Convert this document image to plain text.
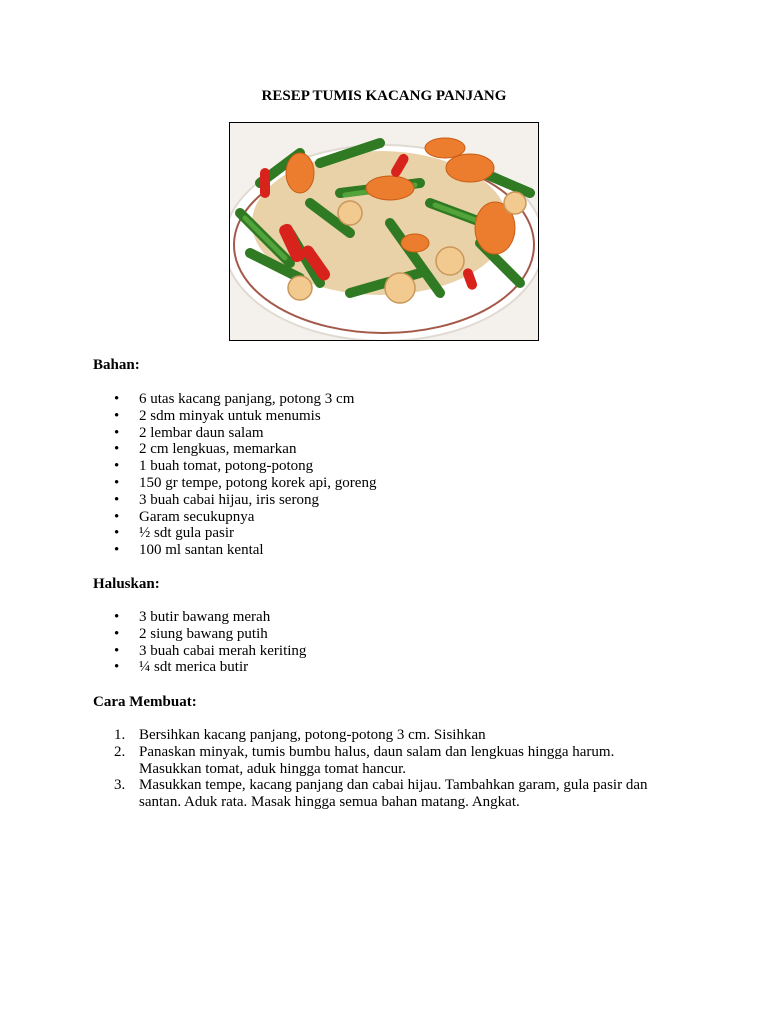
RESEP TUMIS KACANG PANJANG
Bahan:
• 6 utas kacang panjang, potong 3 cm
• 2 sdm minyak untuk menumis
• 2 lembar daun salam
• 2 cm lengkuas, memarkan
• 1 buah tomat, potong-potong
• 150 gr tempe, potong korek api, goreng
• 3 buah cabai hijau, iris serong
• Garam secukupnya
• ½ sdt gula pasir
• 100 ml santan kental
Haluskan:
• 3 butir bawang merah
• 2 siung bawang putih
• 3 buah cabai merah keriting
• ¼ sdt merica butir
Cara Membuat:
1. Bersihkan kacang panjang, potong-potong 3 cm. Sisihkan
2. Panaskan minyak, tumis bumbu halus, daun salam dan lengkuas hingga harum.
Masukkan tomat, aduk hingga tomat hancur.
3. Masukkan tempe, kacang panjang dan cabai hijau. Tambahkan garam, gula pasir dan
santan. Aduk rata. Masak hingga semua bahan matang. Angkat.
